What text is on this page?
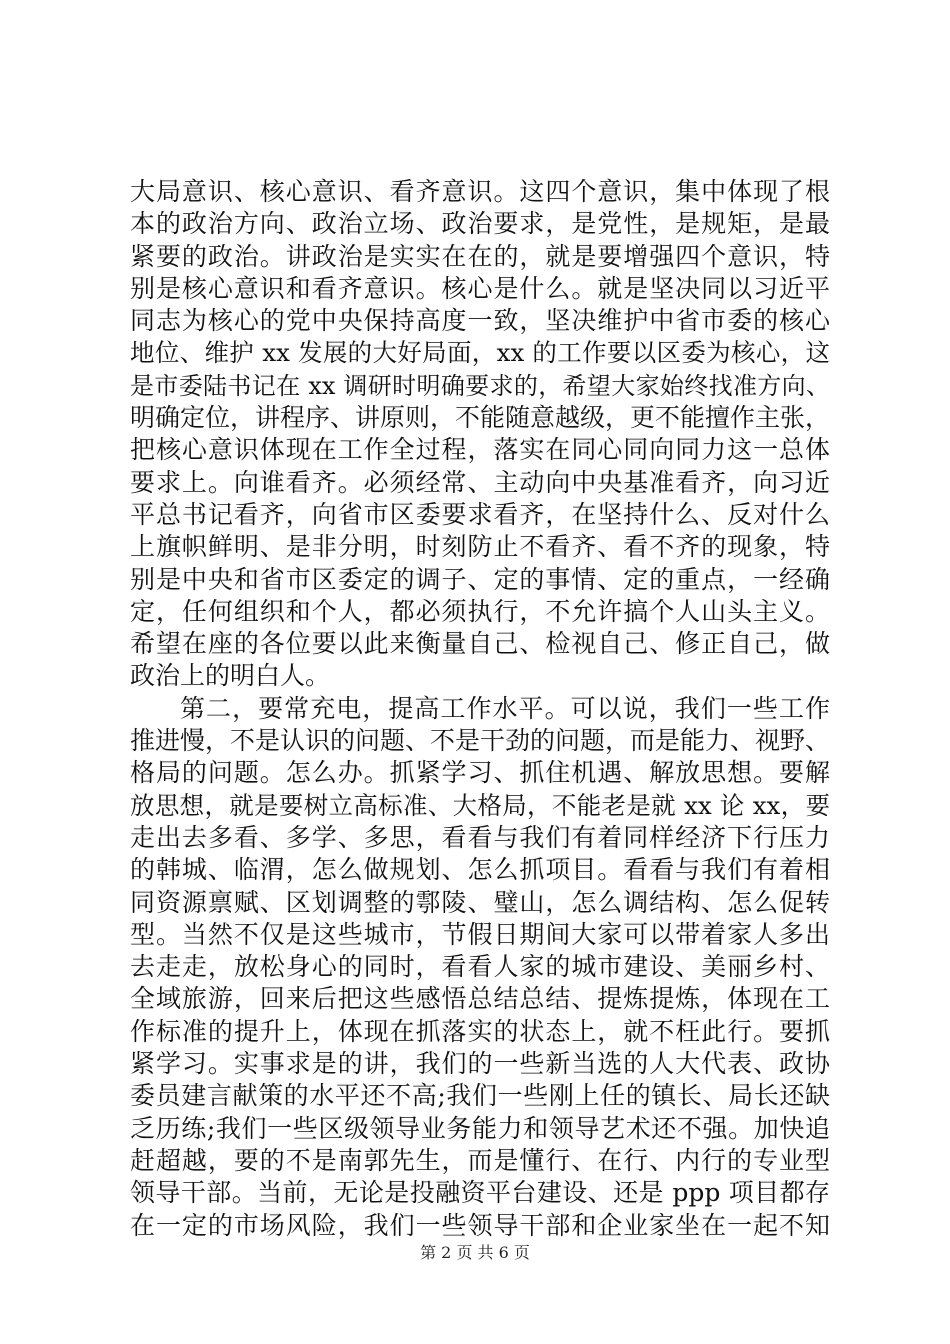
大局意识、核心意识、看齐意识。这四个意识，集中体现了根
本的政治方向、政治立场、政治要求，是党性，是规矩，是最
紧要的政治。讲政治是实实在在的，就是要增强四个意识，特
别是核心意识和看齐意识。核心是什么。就是坚决同以习近平
同志为核心的党中央保持高度一致，坚决维护中省市委的核心
地位、维护 xx 发展的大好局面，xx 的工作要以区委为核心，这
是市委陆书记在 xx 调研时明确要求的，希望大家始终找准方向、
明确定位，讲程序、讲原则，不能随意越级，更不能擅作主张，
把核心意识体现在工作全过程，落实在同心同向同力这一总体
要求上。向谁看齐。必须经常、主动向中央基准看齐，向习近
平总书记看齐，向省市区委要求看齐，在坚持什么、反对什么
上旗帜鲜明、是非分明，时刻防止不看齐、看不齐的现象，特
别是中央和省市区委定的调子、定的事情、定的重点，一经确
定，任何组织和个人，都必须执行，不允许搞个人山头主义。
希望在座的各位要以此来衡量自己、检视自己、修正自己，做
政治上的明白人。
第二，要常充电，提高工作水平。可以说，我们一些工作
推进慢，不是认识的问题、不是干劲的问题，而是能力、视野、
格局的问题。怎么办。抓紧学习、抓住机遇、解放思想。要解
放思想，就是要树立高标准、大格局，不能老是就 xx 论 xx，要
走出去多看、多学、多思，看看与我们有着同样经济下行压力
的韩城、临渭，怎么做规划、怎么抓项目。看看与我们有着相
同资源禀赋、区划调整的鄠陵、璧山，怎么调结构、怎么促转
型。当然不仅是这些城市，节假日期间大家可以带着家人多出
去走走，放松身心的同时，看看人家的城市建设、美丽乡村、
全域旅游，回来后把这些感悟总结总结、提炼提炼，体现在工
作标准的提升上，体现在抓落实的状态上，就不枉此行。要抓
紧学习。实事求是的讲，我们的一些新当选的人大代表、政协
委员建言献策的水平还不高;我们一些刚上任的镇长、局长还缺
乏历练;我们一些区级领导业务能力和领导艺术还不强。加快追
赶超越，要的不是南郭先生，而是懂行、在行、内行的专业型
领导干部。当前，无论是投融资平台建设、还是 ppp 项目都存
在一定的市场风险，我们一些领导干部和企业家坐在一起不知
第 2 页 共 6 页
